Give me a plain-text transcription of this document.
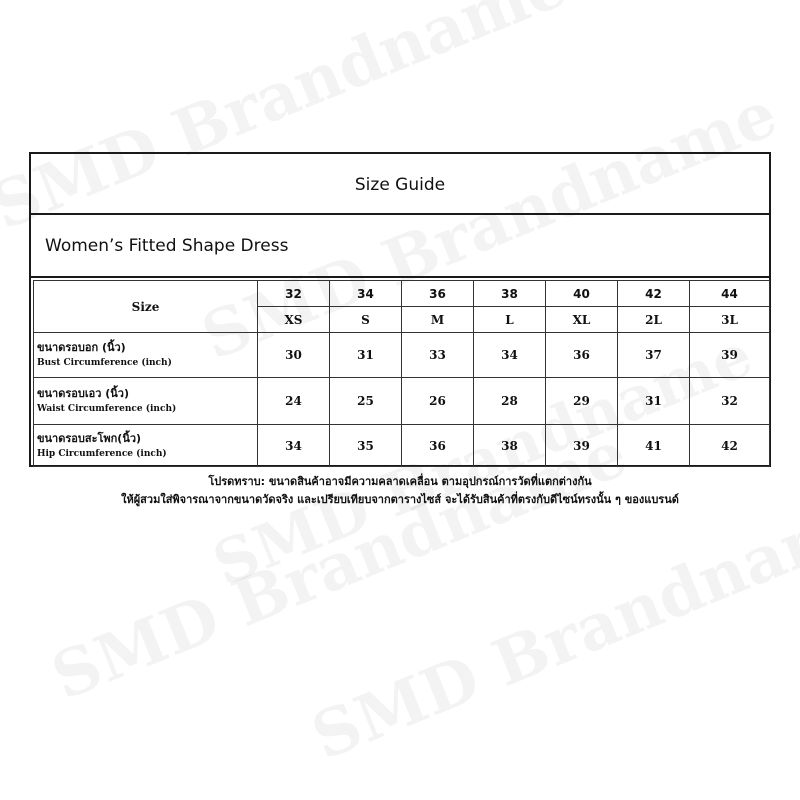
Size Guide
Women’s Fitted Shape Dress
Size	32	34	36	38	40	42	44
	XS	S	M	L	XL	2L	3L

ขนาดรอบอก (นิ้ว)
Bust Circumference (inch)	30	31	33	34	36	37	39

ขนาดรอบเอว (นิ้ว)
Waist Circumference (inch)	24	25	26	28	29	31	32

ขนาดรอบสะโพก(นิ้ว)
Hip Circumference (inch)	34	35	36	38	39	41	42
โปรดทราบ: ขนาดสินค้าอาจมีความคลาดเคลื่อน ตามอุปกรณ์การวัดที่แตกต่างกัน
ให้ผู้สวมใส่พิจารณาจากขนาดวัดจริง และเปรียบเทียบจากตารางไซส์ จะได้รับสินค้าที่ตรงกับดีไซน์ทรงนั้น ๆ ของแบรนด์
